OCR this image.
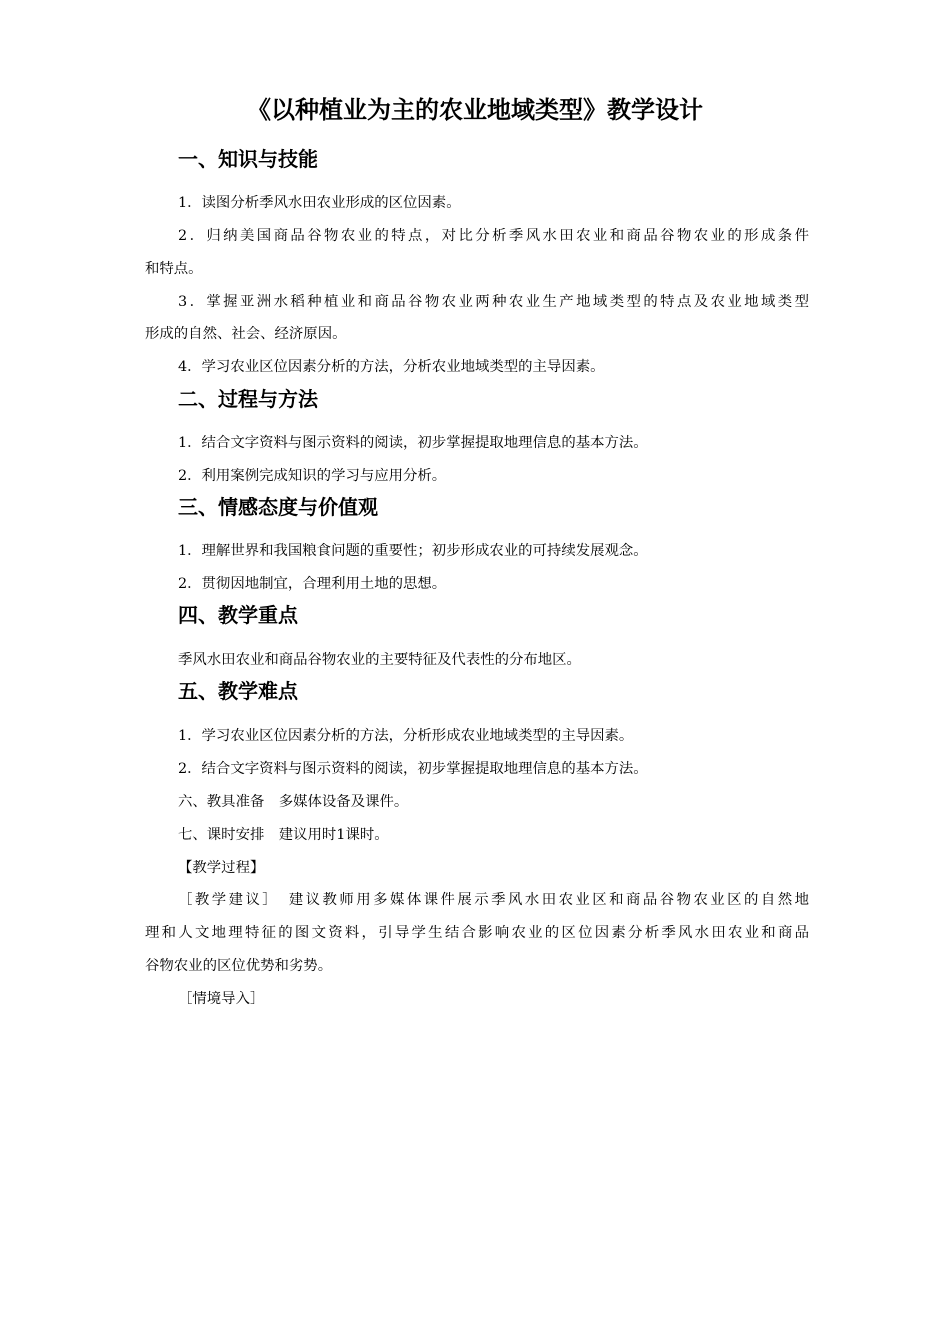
《以种植业为主的农业地域类型》教学设计
一、知识与技能
1．读图分析季风水田农业形成的区位因素。
2．归纳美国商品谷物农业的特点，对比分析季风水田农业和商品谷物农业的形成条件
和特点。
3．掌握亚洲水稻种植业和商品谷物农业两种农业生产地域类型的特点及农业地域类型
形成的自然、社会、经济原因。
4．学习农业区位因素分析的方法，分析农业地域类型的主导因素。
二、过程与方法
1．结合文字资料与图示资料的阅读，初步掌握提取地理信息的基本方法。
2．利用案例完成知识的学习与应用分析。
三、情感态度与价值观
1．理解世界和我国粮食问题的重要性；初步形成农业的可持续发展观念。
2．贯彻因地制宜，合理利用土地的思想。
四、教学重点
季风水田农业和商品谷物农业的主要特征及代表性的分布地区。
五、教学难点
1．学习农业区位因素分析的方法，分析形成农业地域类型的主导因素。
2．结合文字资料与图示资料的阅读，初步掌握提取地理信息的基本方法。
六、教具准备　多媒体设备及课件。
七、课时安排　建议用时1课时。
【教学过程】
［教学建议］　建议教师用多媒体课件展示季风水田农业区和商品谷物农业区的自然地
理和人文地理特征的图文资料，引导学生结合影响农业的区位因素分析季风水田农业和商品
谷物农业的区位优势和劣势。
［情境导入］
